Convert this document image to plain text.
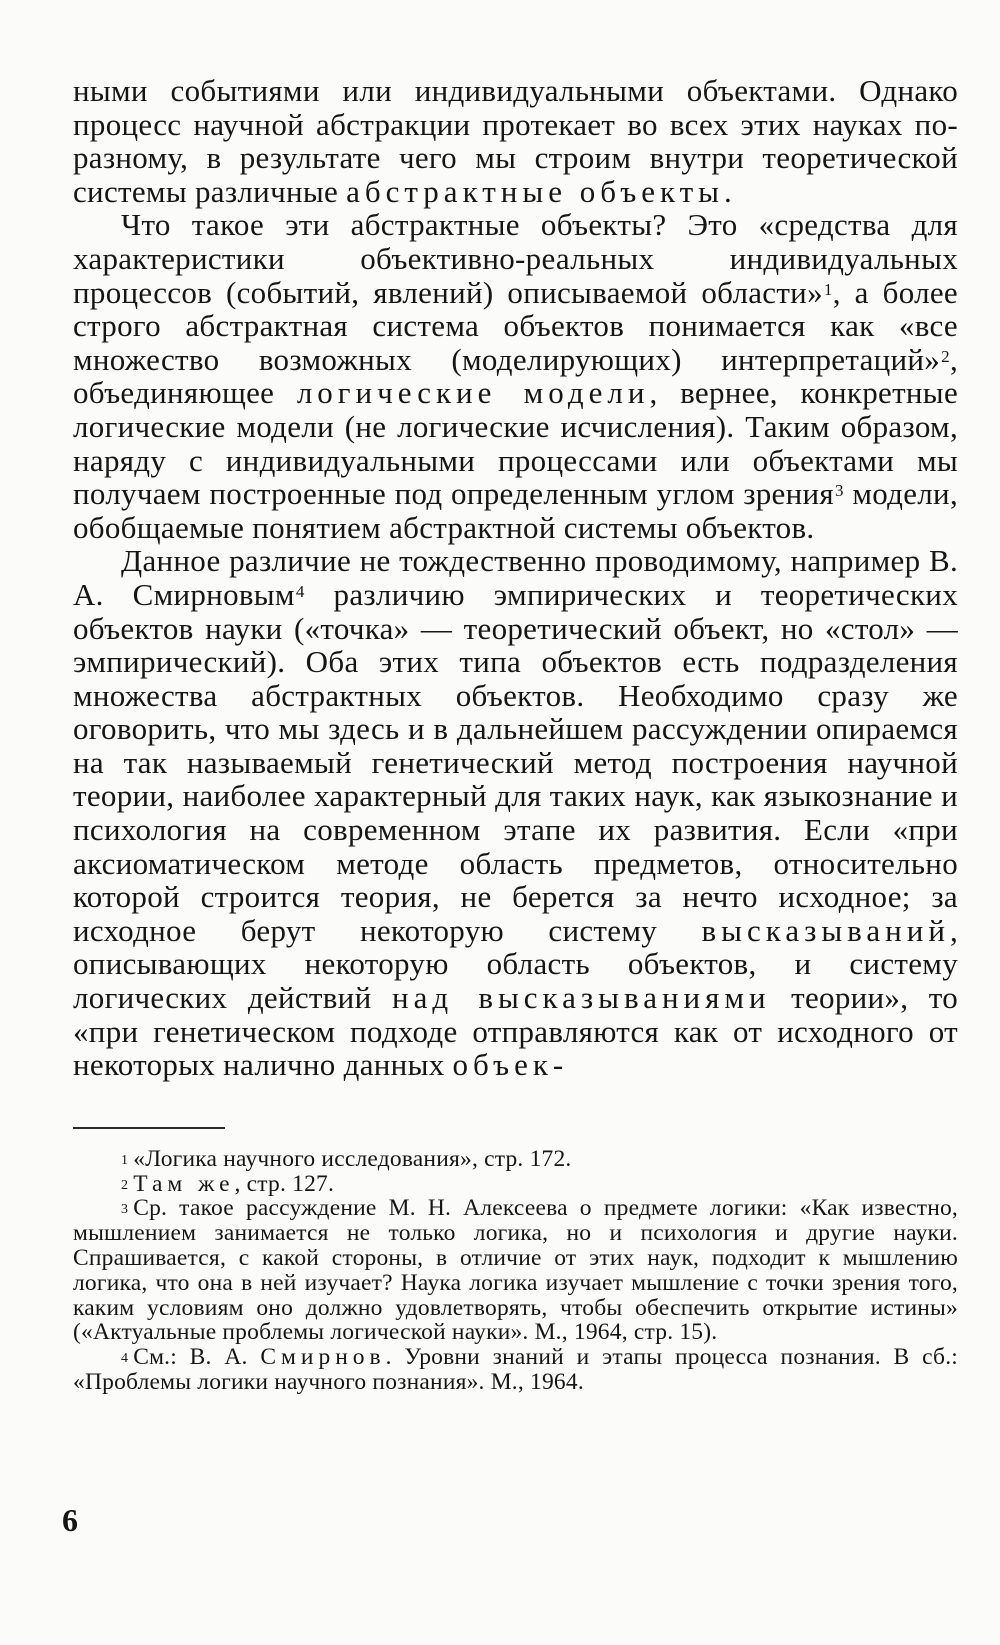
ными событиями или индивидуальными объектами. Однако процесс научной абстракции протекает во всех этих науках по-разному, в результате чего мы строим внутри теоретической системы различные абстрактные объекты.

Что такое эти абстрактные объекты? Это «средства для характеристики объективно-реальных индивидуальных процессов (событий, явлений) описываемой области»$^1$, а более строго абстрактная система объектов понимается как «все множество возможных (моделирующих) интерпретаций»$^2$, объединяющее логические модели, вернее, конкретные логические модели (не логические исчисления). Таким образом, наряду с индивидуальными процессами или объектами мы получаем построенные под определенным углом зрения$^3$ модели, обобщаемые понятием абстрактной системы объектов.

Данное различие не тождественно проводимому, например В. А. Смирновым$^4$ различию эмпирических и теоретических объектов науки («точка» — теоретический объект, но «стол» — эмпирический). Оба этих типа объектов есть подразделения множества абстрактных объектов. Необходимо сразу же оговорить, что мы здесь и в дальнейшем рассуждении опираемся на так называемый генетический метод построения научной теории, наиболее характерный для таких наук, как языкознание и психология на современном этапе их развития. Если «при аксиоматическом методе область предметов, относительно которой строится теория, не берется за нечто исходное; за исходное берут некоторую систему высказываний, описывающих некоторую область объектов, и систему логических действий над высказываниями теории», то «при генетическом подходе отправляются как от исходного от некоторых налично данных объек-

$^1$ «Логика научного исследования», стр. 172.

$^2$ Там же, стр. 127.

$^3$ Ср. такое рассуждение М. Н. Алексеева о предмете логики: «Как известно, мышлением занимается не только логика, но и психология и другие науки. Спрашивается, с какой стороны, в отличие от этих наук, подходит к мышлению логика, что она в ней изучает? Наука логика изучает мышление с точки зрения того, каким условиям оно должно удовлетворять, чтобы обеспечить открытие истины» («Актуальные проблемы логической науки». М., 1964, стр. 15).

$^4$ См.: В. А. Смирнов. Уровни знаний и этапы процесса познания. В сб.: «Проблемы логики научного познания». М., 1964.

6
